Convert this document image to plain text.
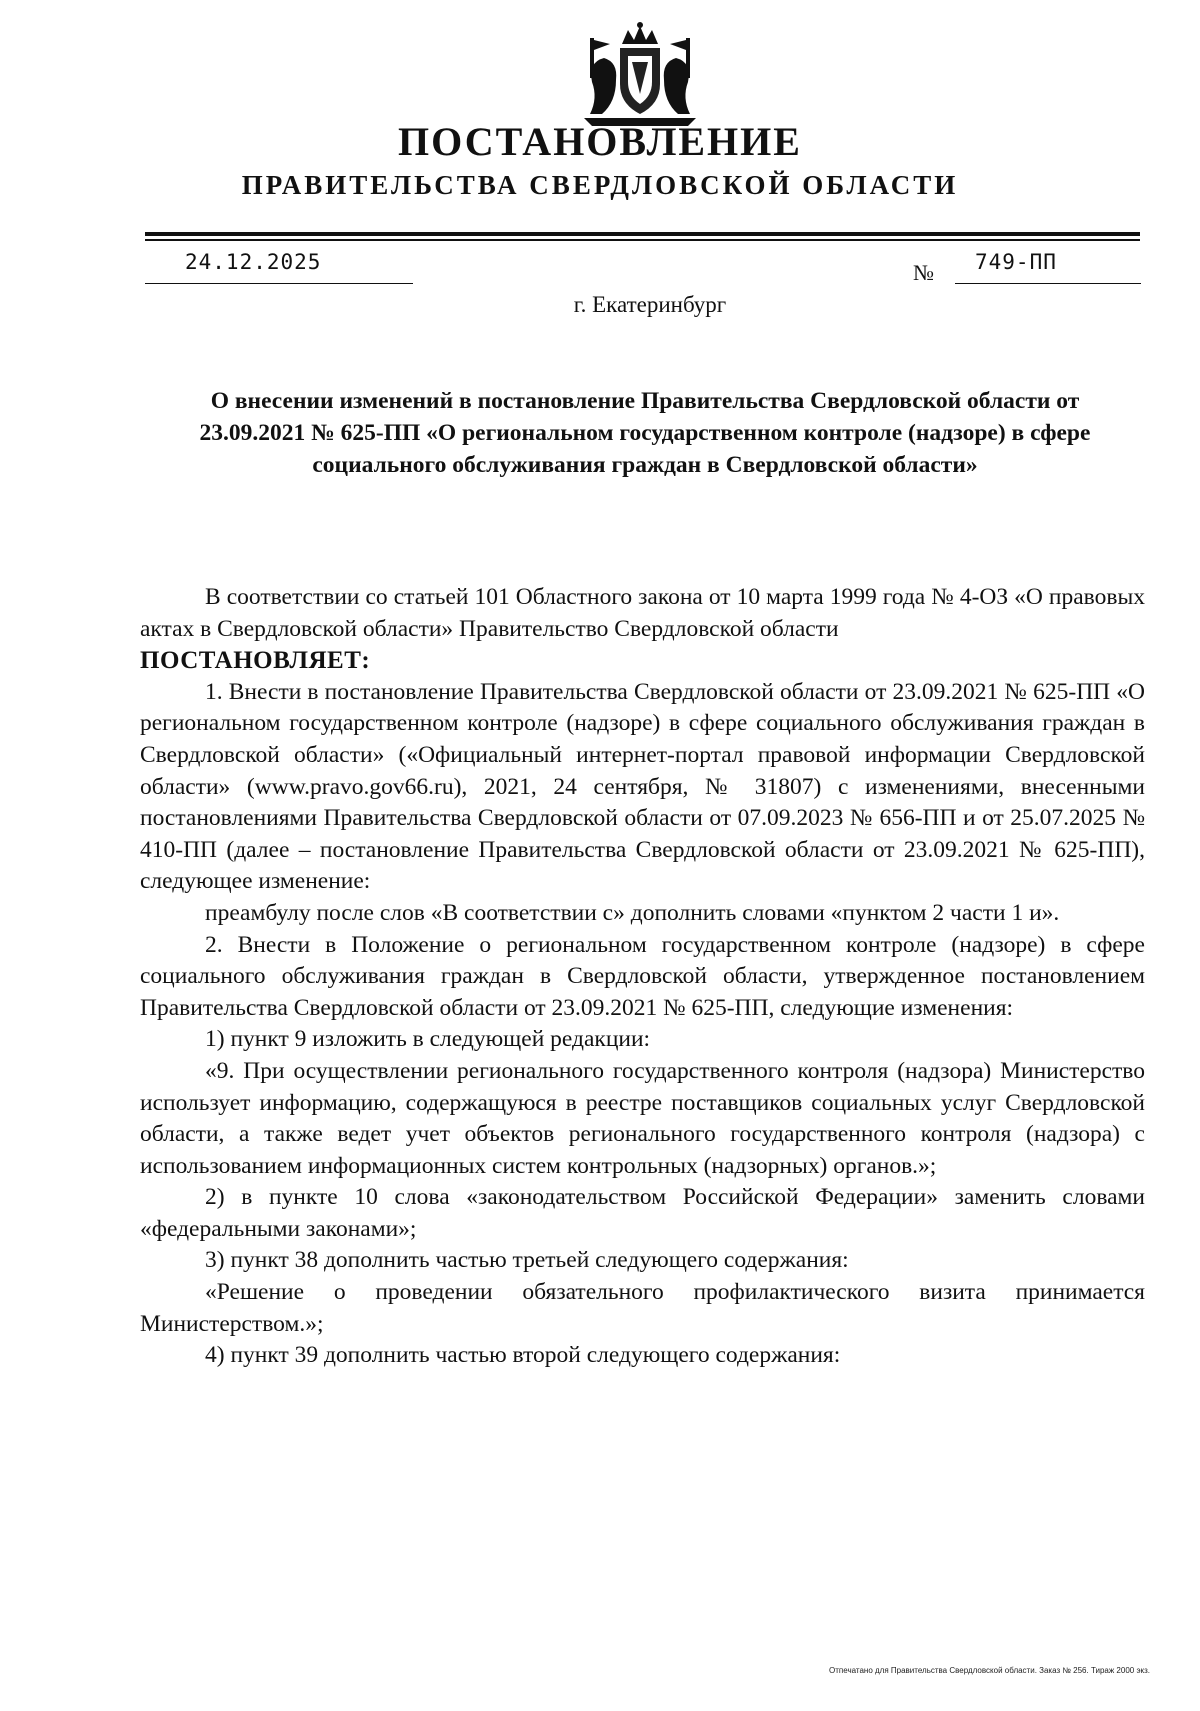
ПОСТАНОВЛЕНИЕ
ПРАВИТЕЛЬСТВА СВЕРДЛОВСКОЙ ОБЛАСТИ
24.12.2025	№ 749-ПП
г. Екатеринбург
О внесении изменений в постановление Правительства Свердловской области от 23.09.2021 № 625-ПП «О региональном государственном контроле (надзоре) в сфере социального обслуживания граждан в Свердловской области»

В соответствии со статьей 101 Областного закона от 10 марта 1999 года № 4-ОЗ «О правовых актах в Свердловской области» Правительство Свердловской области

ПОСТАНОВЛЯЕТ:

1. Внести в постановление Правительства Свердловской области от 23.09.2021 № 625-ПП «О региональном государственном контроле (надзоре) в сфере социального обслуживания граждан в Свердловской области» («Официальный интернет-портал правовой информации Свердловской области» (www.pravo.gov66.ru), 2021, 24 сентября, № 31807) с изменениями, внесенными постановлениями Правительства Свердловской области от 07.09.2023 № 656-ПП и от 25.07.2025 № 410-ПП (далее – постановление Правительства Свердловской области от 23.09.2021 № 625-ПП), следующее изменение:

преамбулу после слов «В соответствии с» дополнить словами «пунктом 2 части 1 и».

2. Внести в Положение о региональном государственном контроле (надзоре) в сфере социального обслуживания граждан в Свердловской области, утвержденное постановлением Правительства Свердловской области от 23.09.2021 № 625-ПП, следующие изменения:

1) пункт 9 изложить в следующей редакции:

«9. При осуществлении регионального государственного контроля (надзора) Министерство использует информацию, содержащуюся в реестре поставщиков социальных услуг Свердловской области, а также ведет учет объектов регионального государственного контроля (надзора) с использованием информационных систем контрольных (надзорных) органов.»;

2) в пункте 10 слова «законодательством Российской Федерации» заменить словами «федеральными законами»;

3) пункт 38 дополнить частью третьей следующего содержания:

«Решение о проведении обязательного профилактического визита принимается Министерством.»;

4) пункт 39 дополнить частью второй следующего содержания:

Отпечатано для Правительства Свердловской области. Заказ № 256. Тираж 2000 экз.
